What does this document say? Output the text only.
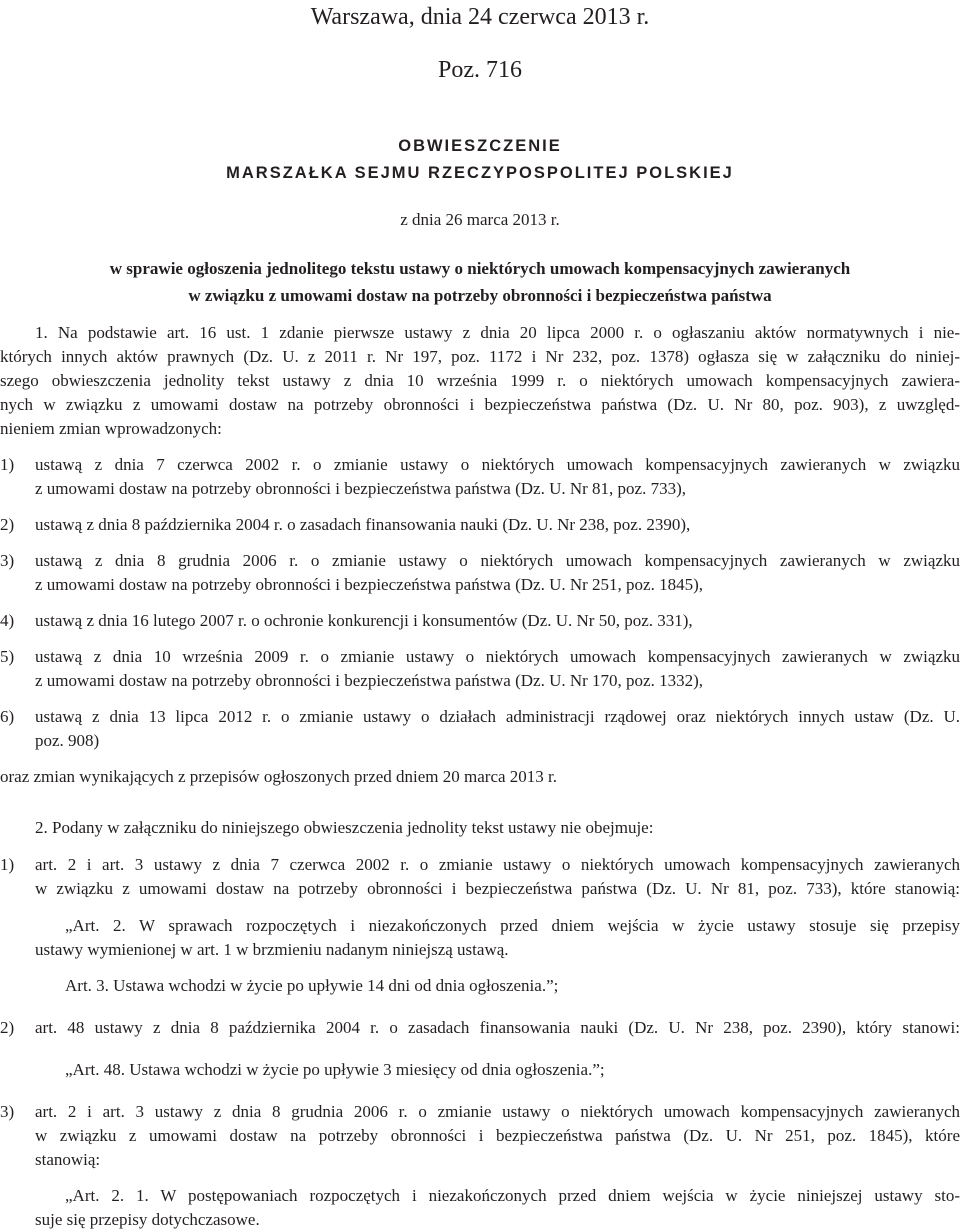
Warszawa, dnia 24 czerwca 2013 r.
Poz. 716
OBWIESZCZENIE
MARSZAŁKA SEJMU RZECZYPOSPOLITEJ POLSKIEJ
z dnia 26 marca 2013 r.
w sprawie ogłoszenia jednolitego tekstu ustawy o niektórych umowach kompensacyjnych zawieranych
w związku z umowami dostaw na potrzeby obronności i bezpieczeństwa państwa
1. Na podstawie art. 16 ust. 1 zdanie pierwsze ustawy z dnia 20 lipca 2000 r. o ogłaszaniu aktów normatywnych i nie-
których innych aktów prawnych (Dz. U. z 2011 r. Nr 197, poz. 1172 i Nr 232, poz. 1378) ogłasza się w załączniku do niniej-
szego obwieszczenia jednolity tekst ustawy z dnia 10 września 1999 r. o niektórych umowach kompensacyjnych zawiera-
nych w związku z umowami dostaw na potrzeby obronności i bezpieczeństwa państwa (Dz. U. Nr 80, poz. 903), z uwzględ-
nieniem zmian wprowadzonych:
1) ustawą z dnia 7 czerwca 2002 r. o zmianie ustawy o niektórych umowach kompensacyjnych zawieranych w związku
z umowami dostaw na potrzeby obronności i bezpieczeństwa państwa (Dz. U. Nr 81, poz. 733),
2) ustawą z dnia 8 października 2004 r. o zasadach finansowania nauki (Dz. U. Nr 238, poz. 2390),
3) ustawą z dnia 8 grudnia 2006 r. o zmianie ustawy o niektórych umowach kompensacyjnych zawieranych w związku
z umowami dostaw na potrzeby obronności i bezpieczeństwa państwa (Dz. U. Nr 251, poz. 1845),
4) ustawą z dnia 16 lutego 2007 r. o ochronie konkurencji i konsumentów (Dz. U. Nr 50, poz. 331),
5) ustawą z dnia 10 września 2009 r. o zmianie ustawy o niektórych umowach kompensacyjnych zawieranych w związku
z umowami dostaw na potrzeby obronności i bezpieczeństwa państwa (Dz. U. Nr 170, poz. 1332),
6) ustawą z dnia 13 lipca 2012 r. o zmianie ustawy o działach administracji rządowej oraz niektórych innych ustaw (Dz. U.
poz. 908)
oraz zmian wynikających z przepisów ogłoszonych przed dniem 20 marca 2013 r.
2. Podany w załączniku do niniejszego obwieszczenia jednolity tekst ustawy nie obejmuje:
1) art. 2 i art. 3 ustawy z dnia 7 czerwca 2002 r. o zmianie ustawy o niektórych umowach kompensacyjnych zawieranych
w związku z umowami dostaw na potrzeby obronności i bezpieczeństwa państwa (Dz. U. Nr 81, poz. 733), które stanowią:
„Art. 2. W sprawach rozpoczętych i niezakończonych przed dniem wejścia w życie ustawy stosuje się przepisy
ustawy wymienionej w art. 1 w brzmieniu nadanym niniejszą ustawą.
Art. 3. Ustawa wchodzi w życie po upływie 14 dni od dnia ogłoszenia.”;
2) art. 48 ustawy z dnia 8 października 2004 r. o zasadach finansowania nauki (Dz. U. Nr 238, poz. 2390), który stanowi:
„Art. 48. Ustawa wchodzi w życie po upływie 3 miesięcy od dnia ogłoszenia.”;
3) art. 2 i art. 3 ustawy z dnia 8 grudnia 2006 r. o zmianie ustawy o niektórych umowach kompensacyjnych zawieranych
w związku z umowami dostaw na potrzeby obronności i bezpieczeństwa państwa (Dz. U. Nr 251, poz. 1845), które
stanowią:
„Art. 2. 1. W postępowaniach rozpoczętych i niezakończonych przed dniem wejścia w życie niniejszej ustawy sto-
suje się przepisy dotychczasowe.
